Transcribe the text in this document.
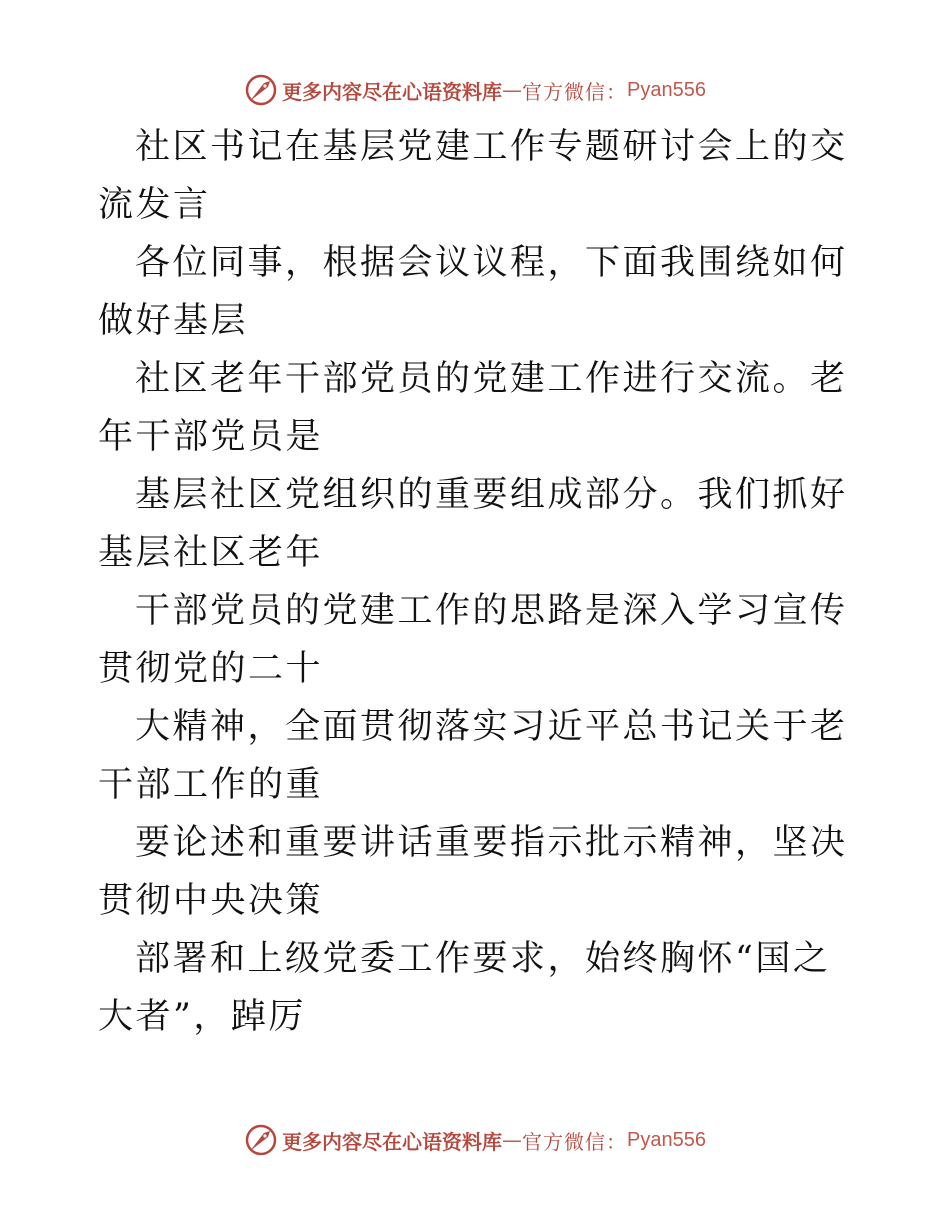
更多内容尽在心语资料库 — 官方微信： Pyan556

社区书记在基层党建工作专题研讨会上的交流发言

各位同事，根据会议议程，下面我围绕如何做好基层

社区老年干部党员的党建工作进行交流。老年干部党员是

基层社区党组织的重要组成部分。我们抓好基层社区老年

干部党员的党建工作的思路是深入学习宣传贯彻党的二十

大精神，全面贯彻落实习近平总书记关于老干部工作的重

要论述和重要讲话重要指示批示精神，坚决贯彻中央决策

部署和上级党委工作要求，始终胸怀“国之大者”，踔厉

更多内容尽在心语资料库 — 官方微信： Pyan556
